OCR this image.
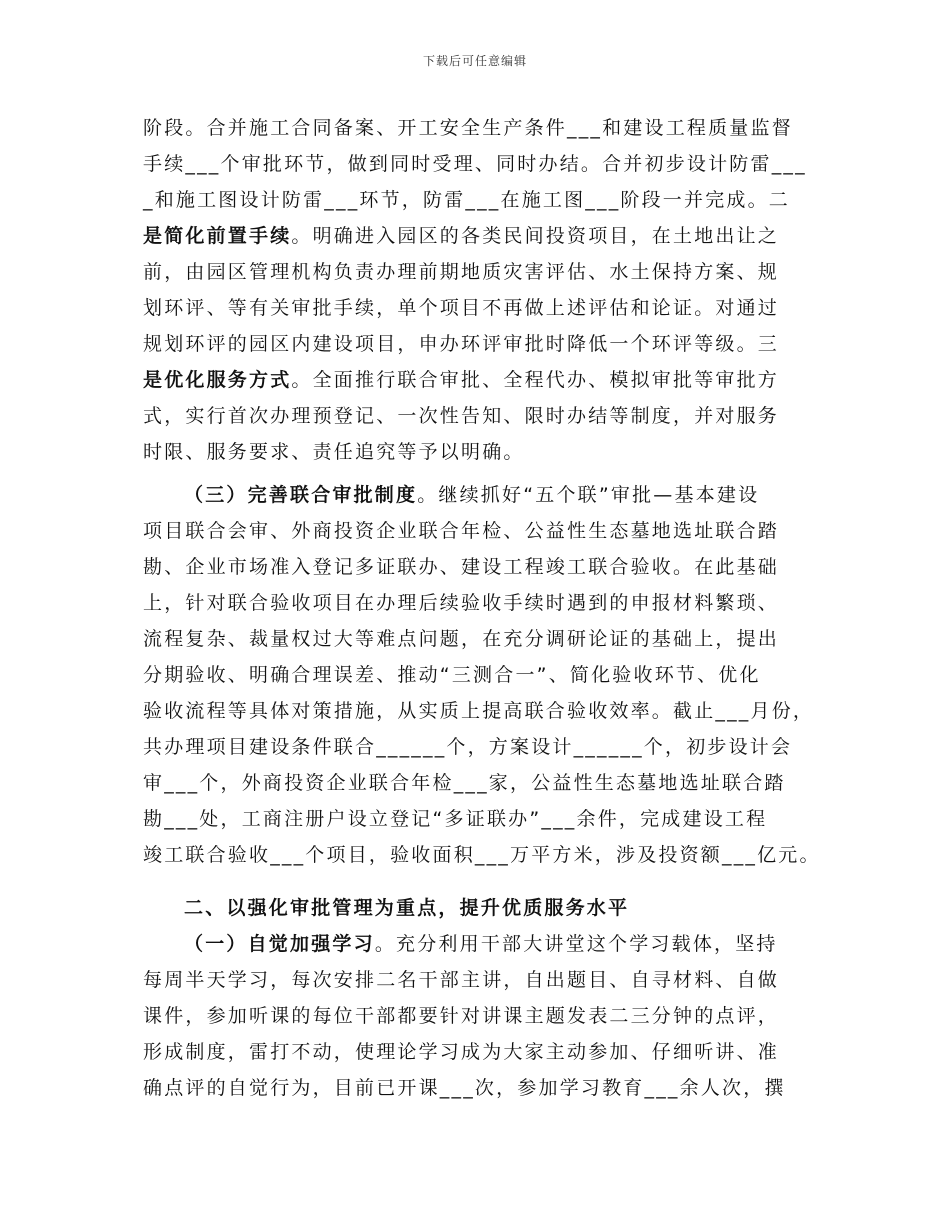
下载后可任意编辑
阶段。合并施工合同备案、开工安全生产条件___和建设工程质量监督
手续___个审批环节，做到同时受理、同时办结。合并初步设计防雷___
_和施工图设计防雷___环节，防雷___在施工图___阶段一并完成。二
是简化前置手续。明确进入园区的各类民间投资项目，在土地出让之
前，由园区管理机构负责办理前期地质灾害评估、水土保持方案、规
划环评、等有关审批手续，单个项目不再做上述评估和论证。对通过
规划环评的园区内建设项目，申办环评审批时降低一个环评等级。三
是优化服务方式。全面推行联合审批、全程代办、模拟审批等审批方
式，实行首次办理预登记、一次性告知、限时办结等制度，并对服务
时限、服务要求、责任追究等予以明确。
（三）完善联合审批制度。继续抓好“五个联”审批—基本建设
项目联合会审、外商投资企业联合年检、公益性生态墓地选址联合踏
勘、企业市场准入登记多证联办、建设工程竣工联合验收。在此基础
上，针对联合验收项目在办理后续验收手续时遇到的申报材料繁琐、
流程复杂、裁量权过大等难点问题，在充分调研论证的基础上，提出
分期验收、明确合理误差、推动“三测合一”、简化验收环节、优化
验收流程等具体对策措施，从实质上提高联合验收效率。截止___月份，
共办理项目建设条件联合______个，方案设计______个，初步设计会
审___个，外商投资企业联合年检___家，公益性生态墓地选址联合踏
勘___处，工商注册户设立登记“多证联办”___余件，完成建设工程
竣工联合验收___个项目，验收面积___万平方米，涉及投资额___亿元。
二、以强化审批管理为重点，提升优质服务水平
（一）自觉加强学习。充分利用干部大讲堂这个学习载体，坚持
每周半天学习，每次安排二名干部主讲，自出题目、自寻材料、自做
课件，参加听课的每位干部都要针对讲课主题发表二三分钟的点评，
形成制度，雷打不动，使理论学习成为大家主动参加、仔细听讲、准
确点评的自觉行为，目前已开课___次，参加学习教育___余人次，撰
